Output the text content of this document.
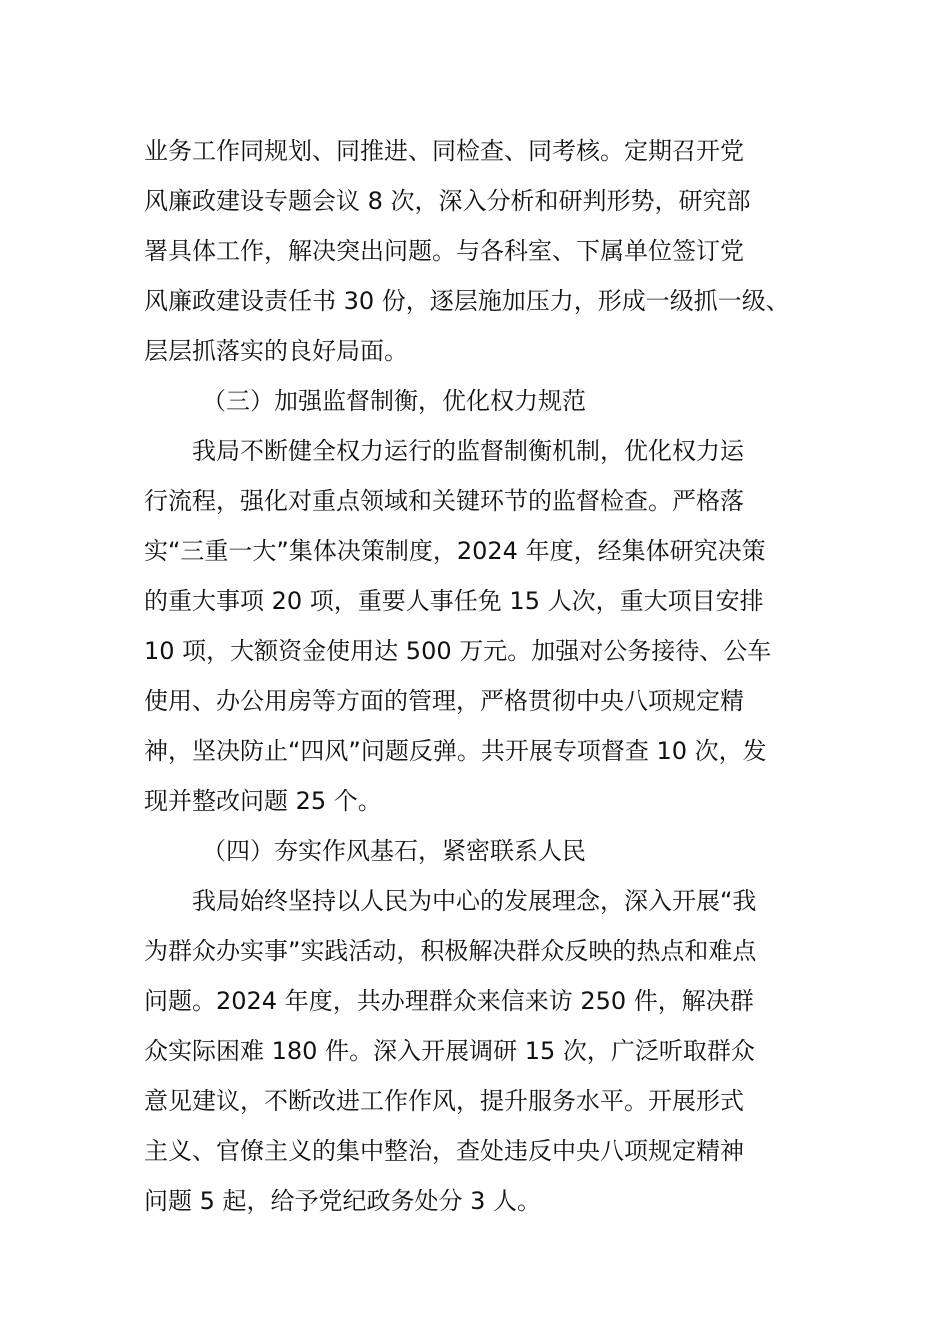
业务工作同规划、同推进、同检查、同考核。定期召开党
风廉政建设专题会议 8 次，深入分析和研判形势，研究部
署具体工作，解决突出问题。与各科室、下属单位签订党
风廉政建设责任书 30 份，逐层施加压力，形成一级抓一级、
层层抓落实的良好局面。
（三）加强监督制衡，优化权力规范
我局不断健全权力运行的监督制衡机制，优化权力运
行流程，强化对重点领域和关键环节的监督检查。严格落
实“三重一大”集体决策制度，2024 年度，经集体研究决策
的重大事项 20 项，重要人事任免 15 人次，重大项目安排
10 项，大额资金使用达 500 万元。加强对公务接待、公车
使用、办公用房等方面的管理，严格贯彻中央八项规定精
神，坚决防止“四风”问题反弹。共开展专项督查 10 次，发
现并整改问题 25 个。
（四）夯实作风基石，紧密联系人民
我局始终坚持以人民为中心的发展理念，深入开展“我
为群众办实事”实践活动，积极解决群众反映的热点和难点
问题。2024 年度，共办理群众来信来访 250 件，解决群
众实际困难 180 件。深入开展调研 15 次，广泛听取群众
意见建议，不断改进工作作风，提升服务水平。开展形式
主义、官僚主义的集中整治，查处违反中央八项规定精神
问题 5 起，给予党纪政务处分 3 人。
